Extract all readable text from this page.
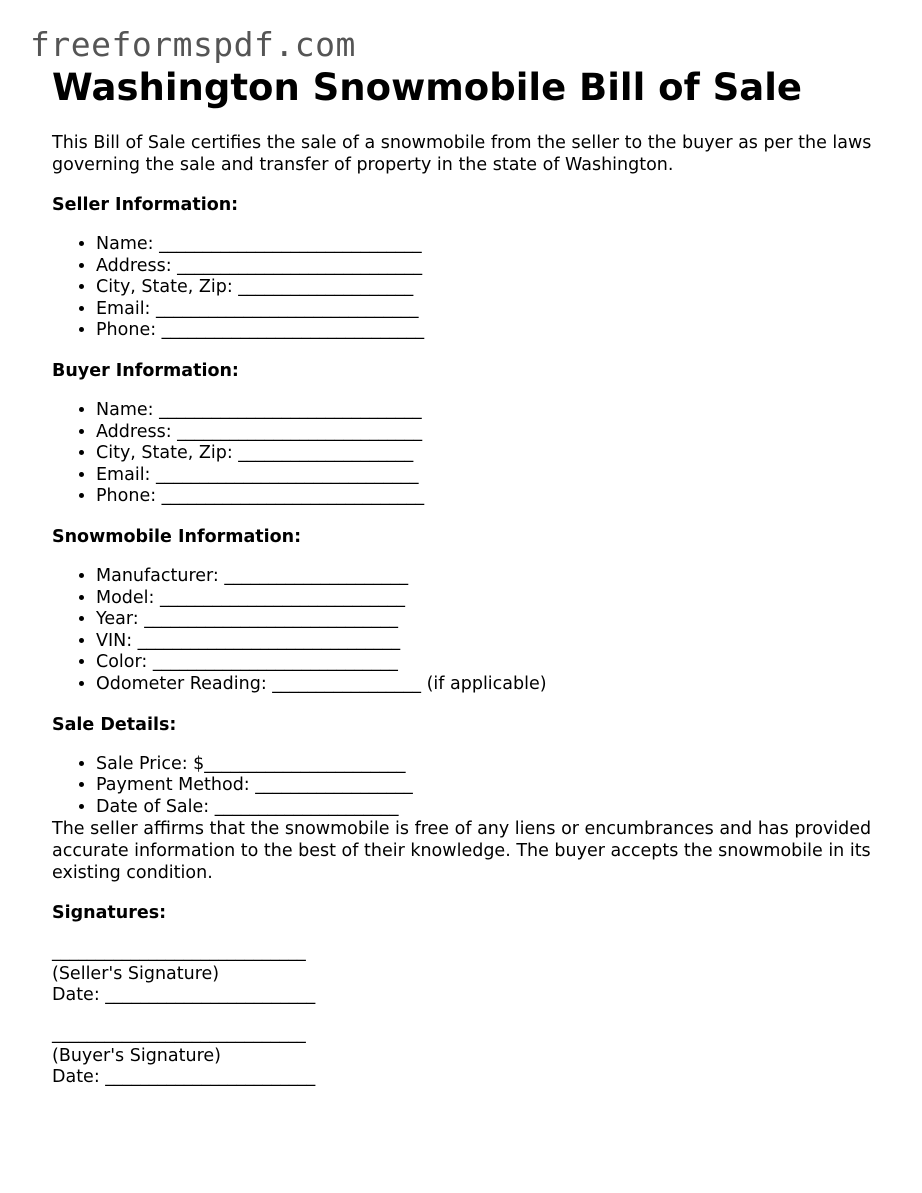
freeformspdf.com
Washington Snowmobile Bill of Sale

This Bill of Sale certifies the sale of a snowmobile from the seller to the buyer as per the laws governing the sale and transfer of property in the state of Washington.

Seller Information:
• Name: ______________________________
• Address: ____________________________
• City, State, Zip: ____________________
• Email: ______________________________
• Phone: ______________________________
Buyer Information:
• Name: ______________________________
• Address: ____________________________
• City, State, Zip: ____________________
• Email: ______________________________
• Phone: ______________________________
Snowmobile Information:
• Manufacturer: _____________________
• Model: ____________________________
• Year: _____________________________
• VIN: ______________________________
• Color: ____________________________
• Odometer Reading: _________________ (if applicable)
Sale Details:
• Sale Price: $_______________________
• Payment Method: __________________
• Date of Sale: _____________________

The seller affirms that the snowmobile is free of any liens or encumbrances and has provided accurate information to the best of their knowledge. The buyer accepts the snowmobile in its existing condition.

Signatures:
_____________________________
(Seller's Signature)
Date: ________________________
_____________________________
(Buyer's Signature)
Date: ________________________
